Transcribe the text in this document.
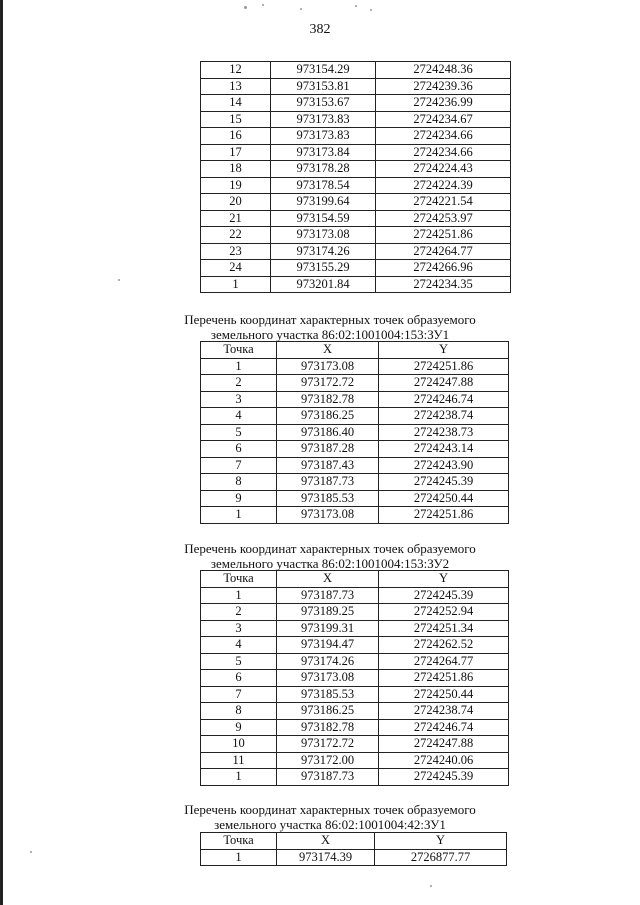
382
12	973154.29	2724248.36
13	973153.81	2724239.36
14	973153.67	2724236.99
15	973173.83	2724234.67
16	973173.83	2724234.66
17	973173.84	2724234.66
18	973178.28	2724224.43
19	973178.54	2724224.39
20	973199.64	2724221.54
21	973154.59	2724253.97
22	973173.08	2724251.86
23	973174.26	2724264.77
24	973155.29	2724266.96
1	973201.84	2724234.35
Перечень координат характерных точек образуемого
земельного участка 86:02:1001004:153:ЗУ1
Точка	X	Y
1	973173.08	2724251.86
2	973172.72	2724247.88
3	973182.78	2724246.74
4	973186.25	2724238.74
5	973186.40	2724238.73
6	973187.28	2724243.14
7	973187.43	2724243.90
8	973187.73	2724245.39
9	973185.53	2724250.44
1	973173.08	2724251.86
Перечень координат характерных точек образуемого
земельного участка 86:02:1001004:153:ЗУ2
Точка	X	Y
1	973187.73	2724245.39
2	973189.25	2724252.94
3	973199.31	2724251.34
4	973194.47	2724262.52
5	973174.26	2724264.77
6	973173.08	2724251.86
7	973185.53	2724250.44
8	973186.25	2724238.74
9	973182.78	2724246.74
10	973172.72	2724247.88
11	973172.00	2724240.06
1	973187.73	2724245.39
Перечень координат характерных точек образуемого
земельного участка 86:02:1001004:42:ЗУ1
Точка	X	Y
1	973174.39	2726877.77
